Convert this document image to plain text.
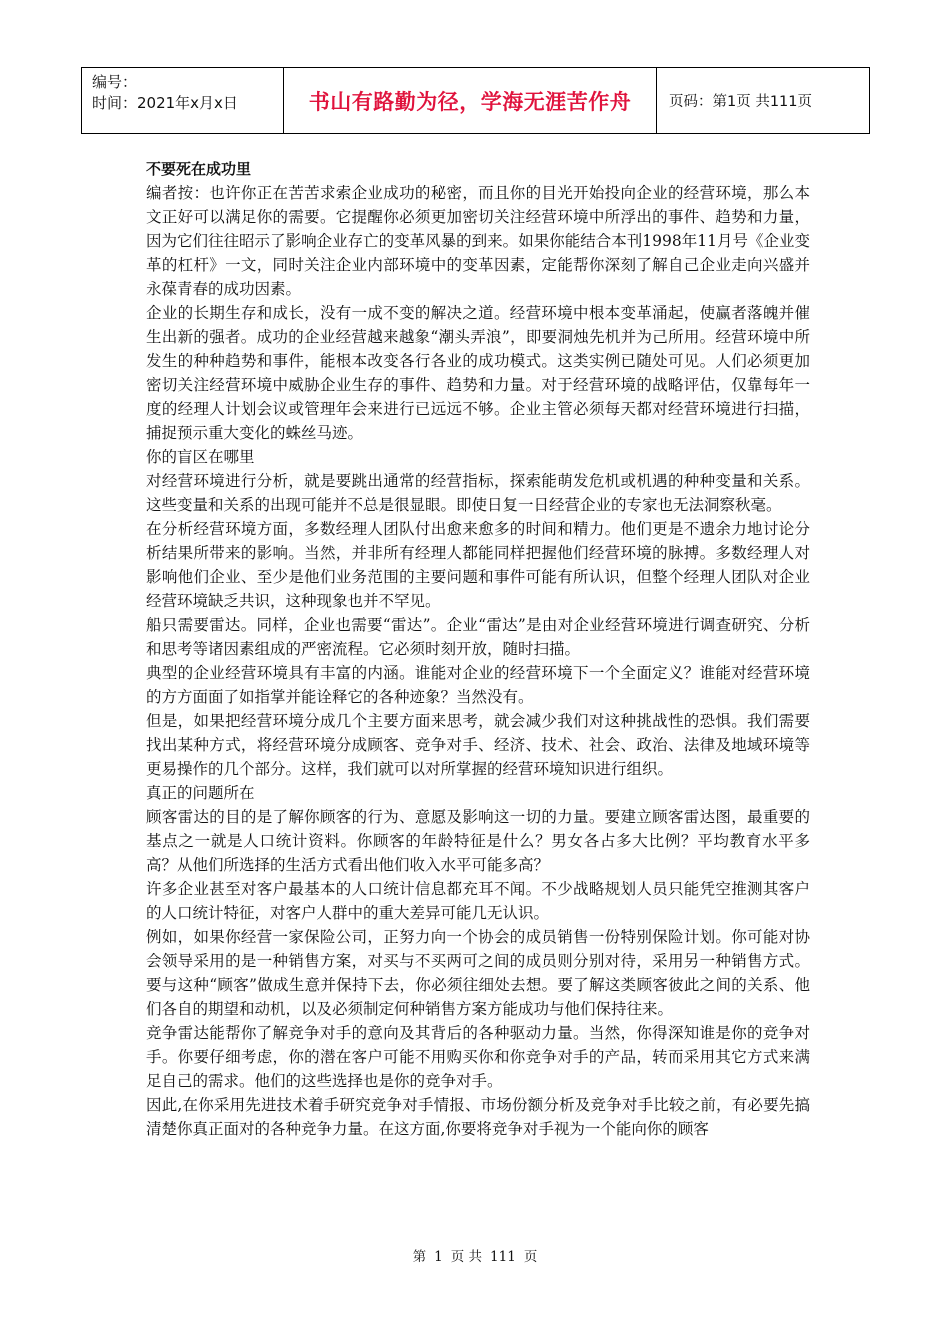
编号：
时间：2021年x月x日	书山有路勤为径，学海无涯苦作舟	页码：第1页 共111页

不要死在成功里

编者按：也许你正在苦苦求索企业成功的秘密，而且你的目光开始投向企业的经营环境，那么本文正好可以满足你的需要。它提醒你必须更加密切关注经营环境中所浮出的事件、趋势和力量，因为它们往往昭示了影响企业存亡的变革风暴的到来。如果你能结合本刊1998年11月号《企业变革的杠杆》一文，同时关注企业内部环境中的变革因素，定能帮你深刻了解自己企业走向兴盛并永葆青春的成功因素。

企业的长期生存和成长，没有一成不变的解决之道。经营环境中根本变革涌起，使赢者落魄并催生出新的强者。成功的企业经营越来越象“潮头弄浪”，即要洞烛先机并为己所用。经营环境中所发生的种种趋势和事件，能根本改变各行各业的成功模式。这类实例已随处可见。人们必须更加密切关注经营环境中威胁企业生存的事件、趋势和力量。对于经营环境的战略评估，仅靠每年一度的经理人计划会议或管理年会来进行已远远不够。企业主管必须每天都对经营环境进行扫描，捕捉预示重大变化的蛛丝马迹。

你的盲区在哪里

对经营环境进行分析，就是要跳出通常的经营指标，探索能萌发危机或机遇的种种变量和关系。这些变量和关系的出现可能并不总是很显眼。即使日复一日经营企业的专家也无法洞察秋毫。

在分析经营环境方面，多数经理人团队付出愈来愈多的时间和精力。他们更是不遗余力地讨论分析结果所带来的影响。当然，并非所有经理人都能同样把握他们经营环境的脉搏。多数经理人对影响他们企业、至少是他们业务范围的主要问题和事件可能有所认识，但整个经理人团队对企业经营环境缺乏共识，这种现象也并不罕见。

船只需要雷达。同样，企业也需要“雷达”。企业“雷达”是由对企业经营环境进行调查研究、分析和思考等诸因素组成的严密流程。它必须时刻开放，随时扫描。

典型的企业经营环境具有丰富的内涵。谁能对企业的经营环境下一个全面定义？谁能对经营环境的方方面面了如指掌并能诠释它的各种迹象？当然没有。

但是，如果把经营环境分成几个主要方面来思考，就会减少我们对这种挑战性的恐惧。我们需要找出某种方式，将经营环境分成顾客、竞争对手、经济、技术、社会、政治、法律及地域环境等更易操作的几个部分。这样，我们就可以对所掌握的经营环境知识进行组织。

真正的问题所在

顾客雷达的目的是了解你顾客的行为、意愿及影响这一切的力量。要建立顾客雷达图，最重要的基点之一就是人口统计资料。你顾客的年龄特征是什么？男女各占多大比例？平均教育水平多高？从他们所选择的生活方式看出他们收入水平可能多高？

许多企业甚至对客户最基本的人口统计信息都充耳不闻。不少战略规划人员只能凭空推测其客户的人口统计特征，对客户人群中的重大差异可能几无认识。

例如，如果你经营一家保险公司，正努力向一个协会的成员销售一份特别保险计划。你可能对协会领导采用的是一种销售方案，对买与不买两可之间的成员则分别对待，采用另一种销售方式。要与这种“顾客”做成生意并保持下去，你必须往细处去想。要了解这类顾客彼此之间的关系、他们各自的期望和动机，以及必须制定何种销售方案方能成功与他们保持往来。

竞争雷达能帮你了解竞争对手的意向及其背后的各种驱动力量。当然，你得深知谁是你的竞争对手。你要仔细考虑，你的潜在客户可能不用购买你和你竞争对手的产品，转而采用其它方式来满足自己的需求。他们的这些选择也是你的竞争对手。

因此,在你采用先进技术着手研究竞争对手情报、市场份额分析及竞争对手比较之前，有必要先搞清楚你真正面对的各种竞争力量。在这方面,你要将竞争对手视为一个能向你的顾客

第 1 页 共 111 页
